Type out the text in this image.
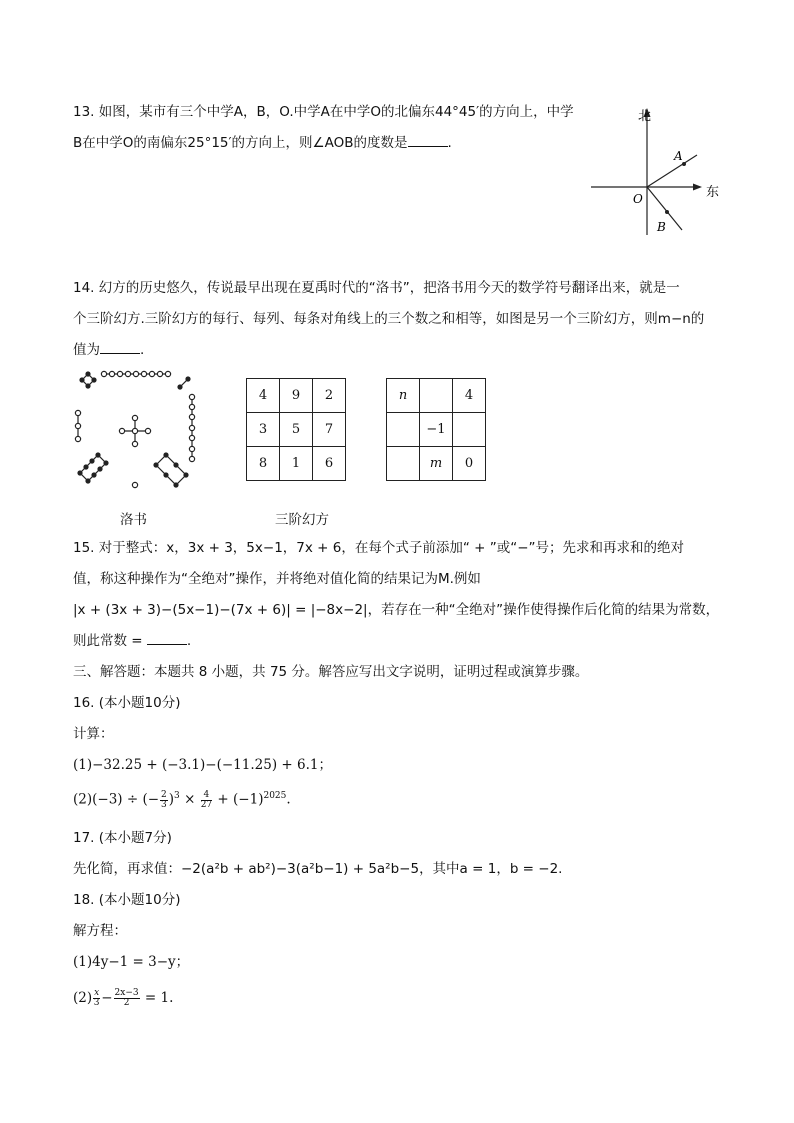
13. 如图，某市有三个中学A，B，O.中学A在中学O的北偏东44°45′的方向上，中学
B在中学O的南偏东25°15′的方向上，则∠AOB的度数是	.
北
东
A
B
O
14. 幻方的历史悠久，传说最早出现在夏禹时代的“洛书”，把洛书用今天的数学符号翻译出来，就是一
个三阶幻方.三阶幻方的每行、每列、每条对角线上的三个数之和相等，如图是另一个三阶幻方，则m−n的
值为	.
洛书
4	9	2
3	5	7
8	1	6
三阶幻方
n		4
	−1	
	m	0
15. 对于整式：x，3x + 3，5x−1，7x + 6，在每个式子前添加“ + ”或“−”号；先求和再求和的绝对
值，称这种操作为“全绝对”操作，并将绝对值化简的结果记为M.例如
|x + (3x + 3)−(5x−1)−(7x + 6)| = |−8x−2|，若存在一种“全绝对”操作使得操作后化简的结果为常数，
则此常数 =	.
三、解答题：本题共 8 小题，共 75 分。解答应写出文字说明，证明过程或演算步骤。
16. (本小题10分)
计算：
(1)−32.25 + (−3.1)−(−11.25) + 6.1；
(2)(−3) ÷ (− $\frac{2}{3} )^3 \times \frac{4}{27} + (-1)^{2025}$.
17. (本小题7分)
先化简，再求值：−2(a²b + ab²)−3(a²b−1) + 5a²b−5，其中a = 1，b = −2.
18. (本小题10分)
解方程：
(1)4y−1 = 3−y；
$(2) \frac{x}{3} - \frac{2x-3}{2} = 1$.
